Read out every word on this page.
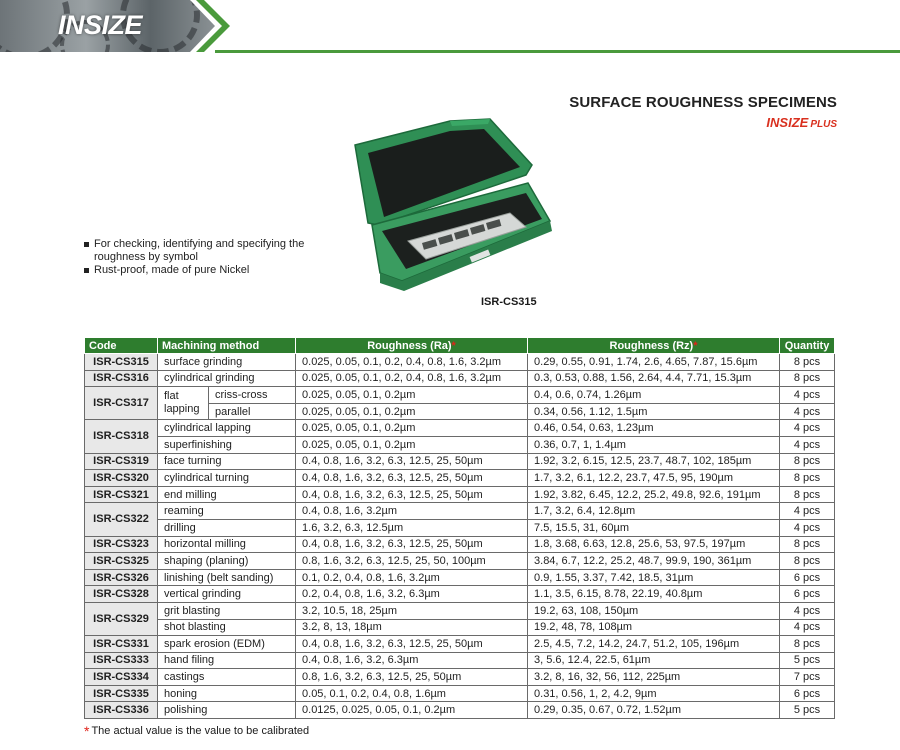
INSIZE
SURFACE ROUGHNESS SPECIMENS
INSIZE PLUS
ISR-CS315
For checking, identifying and specifying the roughness by symbol
Rust-proof, made of pure Nickel
Code	Machining method		Roughness (Ra)*	Roughness (Rz)*	Quantity
ISR-CS315	surface grinding		0.025, 0.05, 0.1, 0.2, 0.4, 0.8, 1.6, 3.2µm	0.29, 0.55, 0.91, 1.74, 2.6, 4.65, 7.87, 15.6µm	8 pcs
ISR-CS316	cylindrical grinding		0.025, 0.05, 0.1, 0.2, 0.4, 0.8, 1.6, 3.2µm	0.3, 0.53, 0.88, 1.56, 2.64, 4.4, 7.71, 15.3µm	8 pcs
ISR-CS317	flat lapping	criss-cross	0.025, 0.05, 0.1, 0.2µm	0.4, 0.6, 0.74, 1.26µm	4 pcs
		parallel	0.025, 0.05, 0.1, 0.2µm	0.34, 0.56, 1.12, 1.5µm	4 pcs
ISR-CS318	cylindrical lapping		0.025, 0.05, 0.1, 0.2µm	0.46, 0.54, 0.63, 1.23µm	4 pcs
	superfinishing		0.025, 0.05, 0.1, 0.2µm	0.36, 0.7, 1, 1.4µm	4 pcs
ISR-CS319	face turning		0.4, 0.8, 1.6, 3.2, 6.3, 12.5, 25, 50µm	1.92, 3.2, 6.15, 12.5, 23.7, 48.7, 102, 185µm	8 pcs
ISR-CS320	cylindrical turning		0.4, 0.8, 1.6, 3.2, 6.3, 12.5, 25, 50µm	1.7, 3.2, 6.1, 12.2, 23.7, 47.5, 95, 190µm	8 pcs
ISR-CS321	end milling		0.4, 0.8, 1.6, 3.2, 6.3, 12.5, 25, 50µm	1.92, 3.82, 6.45, 12.2, 25.2, 49.8, 92.6, 191µm	8 pcs
ISR-CS322	reaming		0.4, 0.8, 1.6, 3.2µm	1.7, 3.2, 6.4, 12.8µm	4 pcs
	drilling		1.6, 3.2, 6.3, 12.5µm	7.5, 15.5, 31, 60µm	4 pcs
ISR-CS323	horizontal milling		0.4, 0.8, 1.6, 3.2, 6.3, 12.5, 25, 50µm	1.8, 3.68, 6.63, 12.8, 25.6, 53, 97.5, 197µm	8 pcs
ISR-CS325	shaping (planing)		0.8, 1.6, 3.2, 6.3, 12.5, 25, 50, 100µm	3.84, 6.7, 12.2, 25.2, 48.7, 99.9, 190, 361µm	8 pcs
ISR-CS326	linishing (belt sanding)		0.1, 0.2, 0.4, 0.8, 1.6, 3.2µm	0.9, 1.55, 3.37, 7.42, 18.5, 31µm	6 pcs
ISR-CS328	vertical grinding		0.2, 0.4, 0.8, 1.6, 3.2, 6.3µm	1.1, 3.5, 6.15, 8.78, 22.19, 40.8µm	6 pcs
ISR-CS329	grit blasting		3.2, 10.5, 18, 25µm	19.2, 63, 108, 150µm	4 pcs
	shot blasting		3.2, 8, 13, 18µm	19.2, 48, 78, 108µm	4 pcs
ISR-CS331	spark erosion (EDM)		0.4, 0.8, 1.6, 3.2, 6.3, 12.5, 25, 50µm	2.5, 4.5, 7.2, 14.2, 24.7, 51.2, 105, 196µm	8 pcs
ISR-CS333	hand filing		0.4, 0.8, 1.6, 3.2, 6.3µm	3, 5.6, 12.4, 22.5, 61µm	5 pcs
ISR-CS334	castings		0.8, 1.6, 3.2, 6.3, 12.5, 25, 50µm	3.2, 8, 16, 32, 56, 112, 225µm	7 pcs
ISR-CS335	honing		0.05, 0.1, 0.2, 0.4, 0.8, 1.6µm	0.31, 0.56, 1, 2, 4.2, 9µm	6 pcs
ISR-CS336	polishing		0.0125, 0.025, 0.05, 0.1, 0.2µm	0.29, 0.35, 0.67, 0.72, 1.52µm	5 pcs
* The actual value is the value to be calibrated
